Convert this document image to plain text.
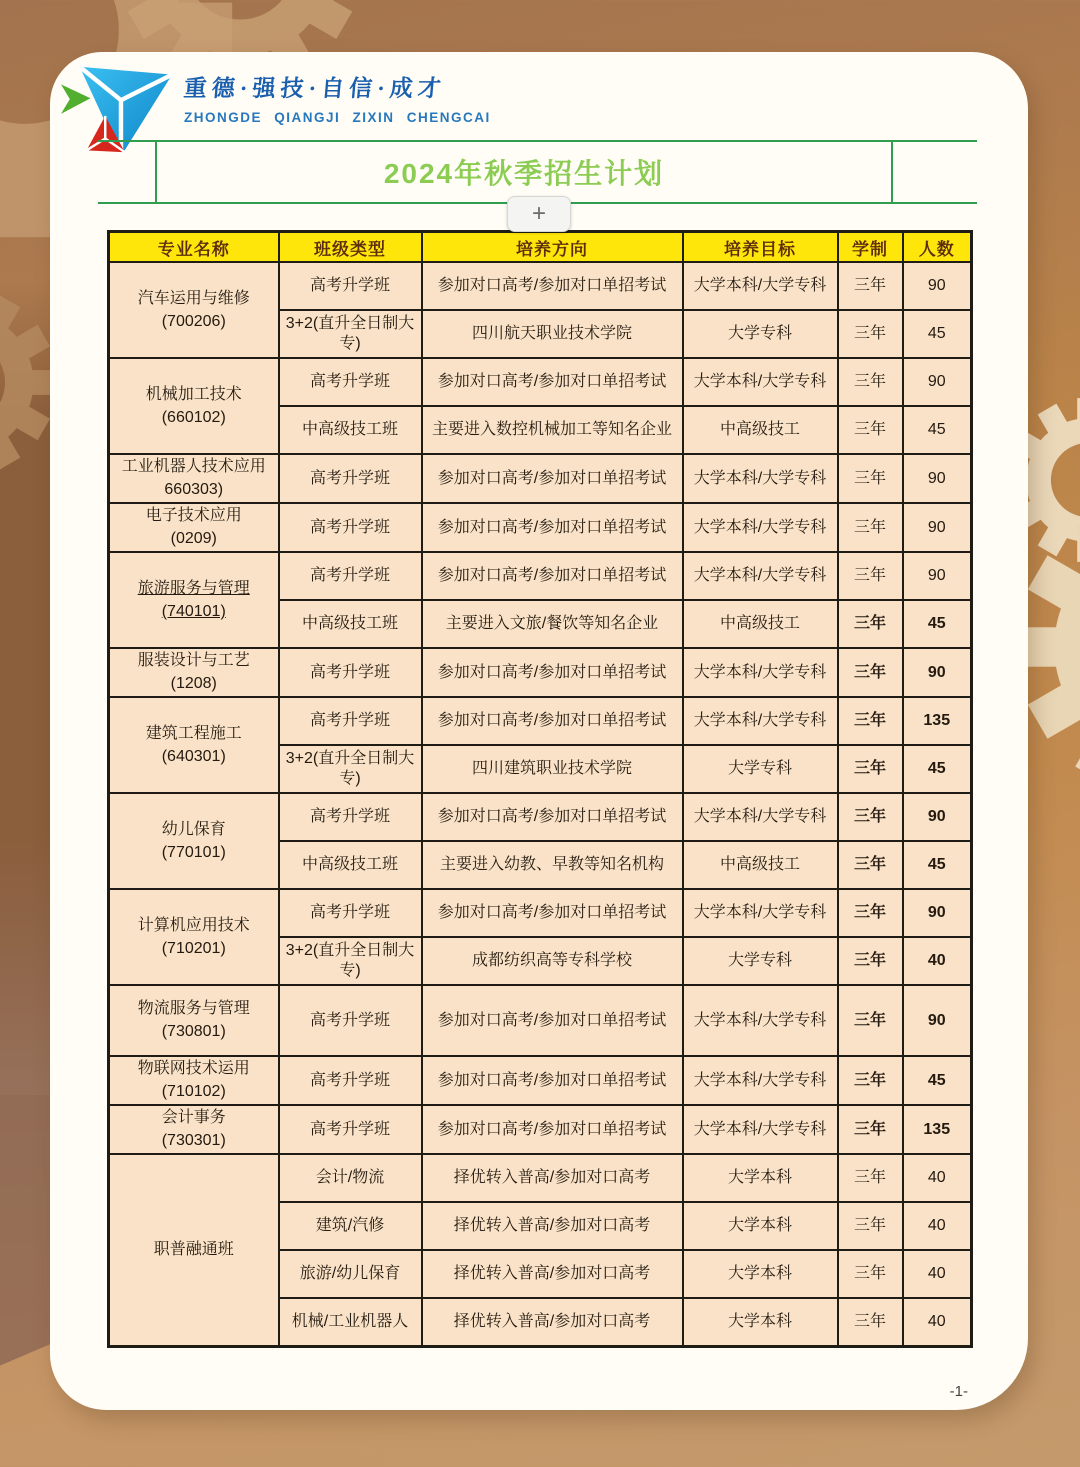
重德·强技·自信·成才
ZHONGDE QIANGJI ZIXIN CHENGCAI
2024年秋季招生计划
+
专业名称	班级类型	培养方向	培养目标	学制	人数

汽车运用与维修
(700206)	高考升学班	参加对口高考/参加对口单招考试	大学本科/大学专科	三年	90
	3+2(直升全日制大专)	四川航天职业技术学院	大学专科	三年	45

机械加工技术
(660102)	高考升学班	参加对口高考/参加对口单招考试	大学本科/大学专科	三年	90
	中高级技工班	主要进入数控机械加工等知名企业	中高级技工	三年	45

工业机器人技术应用
660303)	高考升学班	参加对口高考/参加对口单招考试	大学本科/大学专科	三年	90

电子技术应用
(0209)	高考升学班	参加对口高考/参加对口单招考试	大学本科/大学专科	三年	90

旅游服务与管理
(740101)	高考升学班	参加对口高考/参加对口单招考试	大学本科/大学专科	三年	90
	中高级技工班	主要进入文旅/餐饮等知名企业	中高级技工	三年	45

服装设计与工艺
(1208)	高考升学班	参加对口高考/参加对口单招考试	大学本科/大学专科	三年	90

建筑工程施工
(640301)	高考升学班	参加对口高考/参加对口单招考试	大学本科/大学专科	三年	135
	3+2(直升全日制大专)	四川建筑职业技术学院	大学专科	三年	45

幼儿保育
(770101)	高考升学班	参加对口高考/参加对口单招考试	大学本科/大学专科	三年	90
	中高级技工班	主要进入幼教、早教等知名机构	中高级技工	三年	45

计算机应用技术
(710201)	高考升学班	参加对口高考/参加对口单招考试	大学本科/大学专科	三年	90
	3+2(直升全日制大专)	成都纺织高等专科学校	大学专科	三年	40

物流服务与管理
(730801)	高考升学班	参加对口高考/参加对口单招考试	大学本科/大学专科	三年	90

物联网技术运用
(710102)	高考升学班	参加对口高考/参加对口单招考试	大学本科/大学专科	三年	45

会计事务
(730301)	高考升学班	参加对口高考/参加对口单招考试	大学本科/大学专科	三年	135

职普融通班	会计/物流	择优转入普高/参加对口高考	大学本科	三年	40
	建筑/汽修	择优转入普高/参加对口高考	大学本科	三年	40
	旅游/幼儿保育	择优转入普高/参加对口高考	大学本科	三年	40
	机械/工业机器人	择优转入普高/参加对口高考	大学本科	三年	40
-1-
